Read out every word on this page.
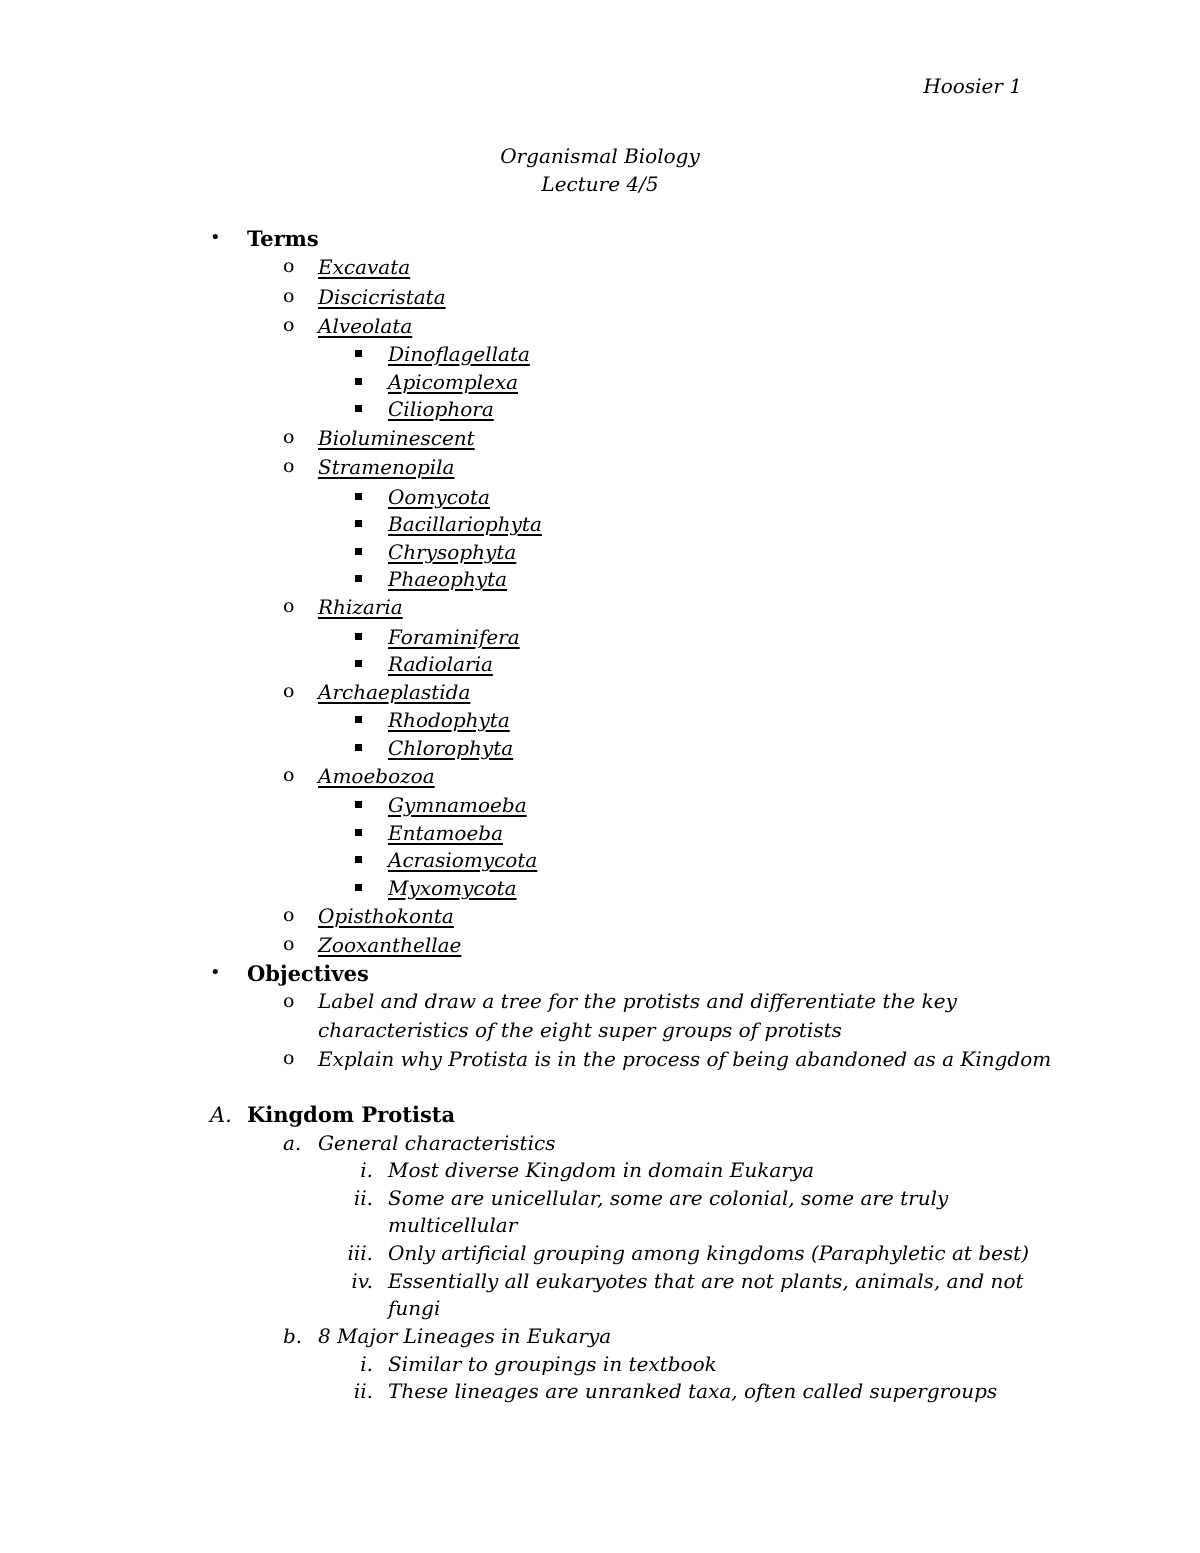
Hoosier 1
Organismal Biology
Lecture 4/5
• Terms
o Excavata
o Discicristata
o Alveolata
Dinoflagellata
Apicomplexa
Ciliophora
o Bioluminescent
o Stramenopila
Oomycota
Bacillariophyta
Chrysophyta
Phaeophyta
o Rhizaria
Foraminifera
Radiolaria
o Archaeplastida
Rhodophyta
Chlorophyta
o Amoebozoa
Gymnamoeba
Entamoeba
Acrasiomycota
Myxomycota
o Opisthokonta
o Zooxanthellae
• Objectives
o Label and draw a tree for the protists and differentiate the key
characteristics of the eight super groups of protists
o Explain why Protista is in the process of being abandoned as a Kingdom
A. Kingdom Protista
a. General characteristics
i. Most diverse Kingdom in domain Eukarya
ii. Some are unicellular, some are colonial, some are truly
multicellular
iii. Only artificial grouping among kingdoms (Paraphyletic at best)
iv. Essentially all eukaryotes that are not plants, animals, and not
fungi
b. 8 Major Lineages in Eukarya
i. Similar to groupings in textbook
ii. These lineages are unranked taxa, often called supergroups
